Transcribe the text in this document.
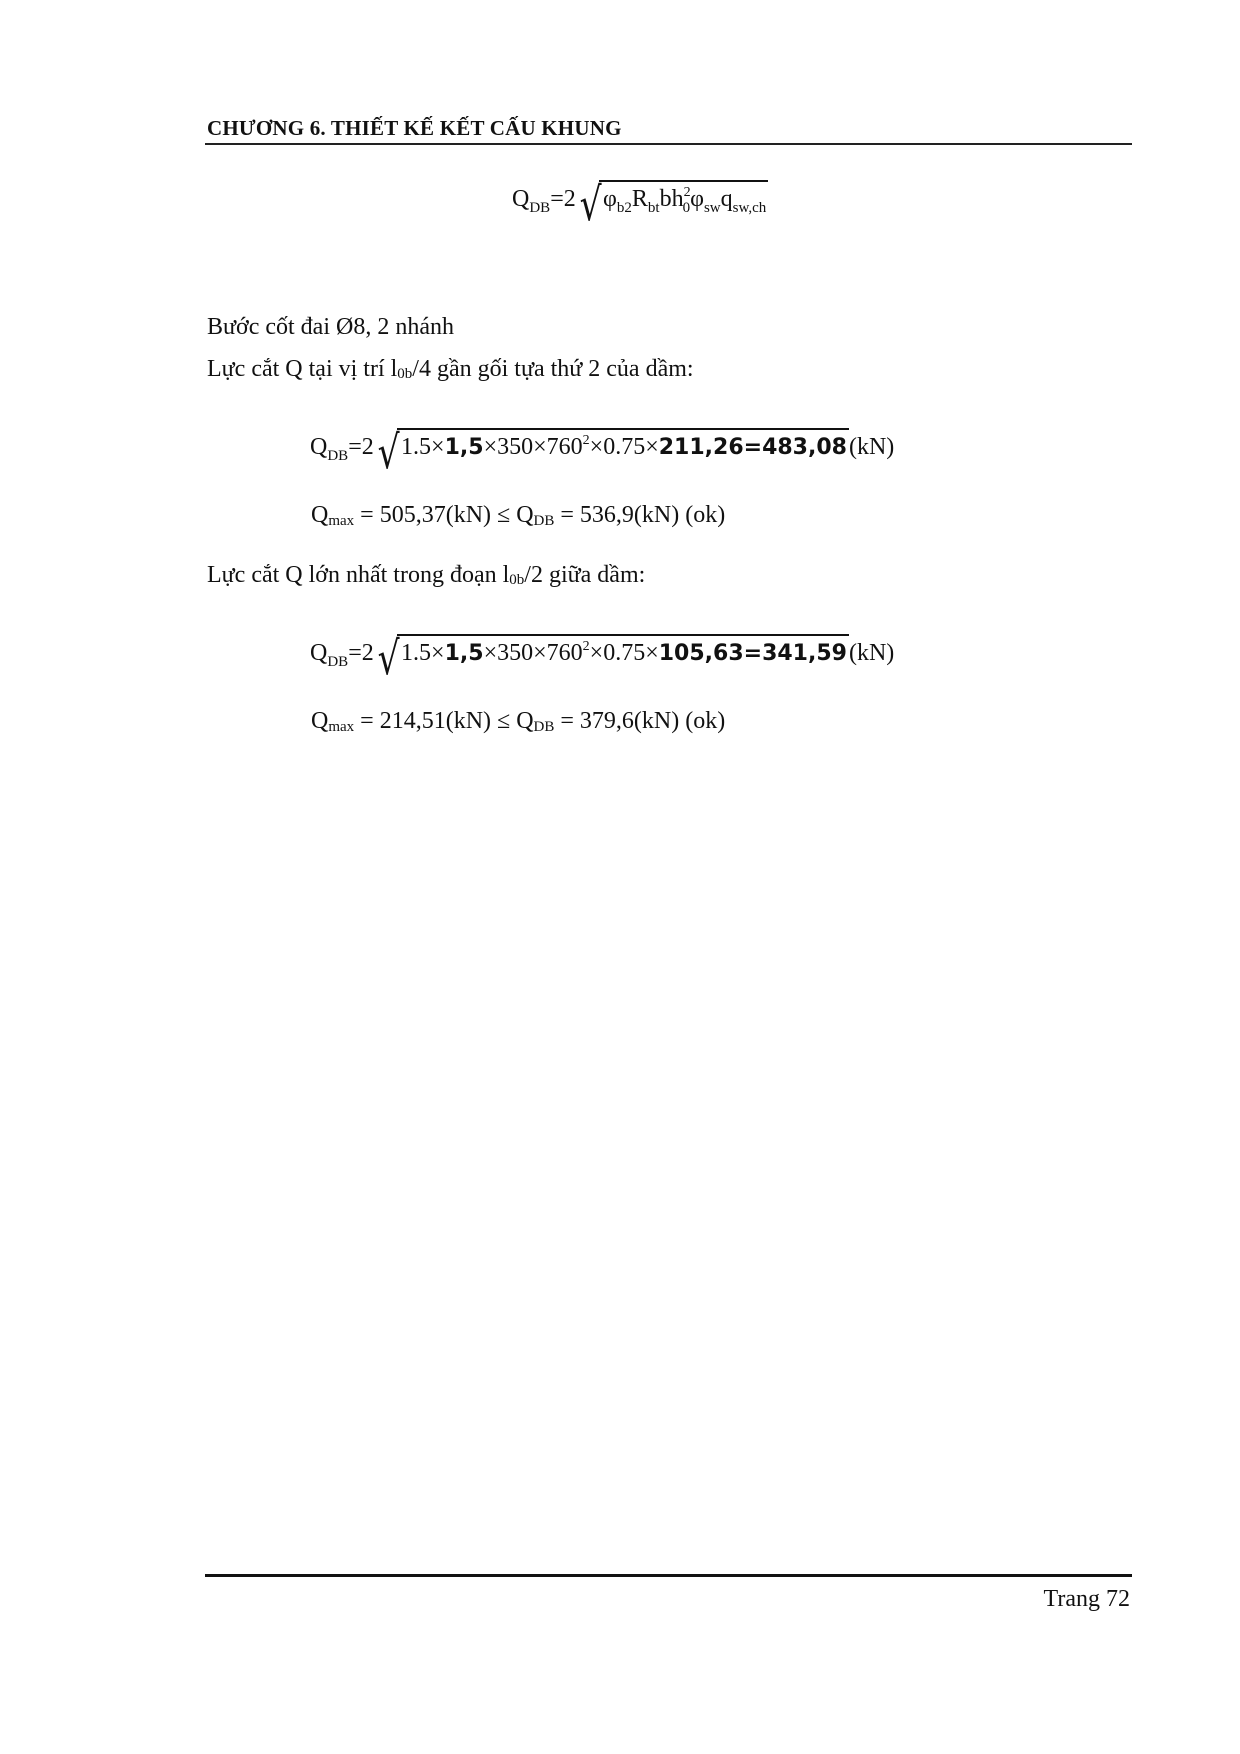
CHƯƠNG 6. THIẾT KẾ KẾT CẤU KHUNG
$Q_{DB}=2√\varphi_{b2}R_{bt}bh^2_0\varphi_{sw}q_{sw,ch}$
Bước cốt đai Ø8, 2 nhánh
Lực cắt Q tại vị trí l0b/4 gần gối tựa thứ 2 của dầm:
$Q_{DB}=2√1.5\times 1,5\times 350\times 760^2\times 0.75\times 211,26=483,08(kN)$
$Q_{max} = 505,37(kN) \le Q_{DB} = 536,9(kN)$ (ok)
Lực cắt Q lớn nhất trong đoạn l0b/2 giữa dầm:
$Q_{DB}=2√1.5\times 1,5\times 350\times 760^2\times 0.75\times 105,63=341,59(kN)$
$Q_{max} = 214,51(kN) \le Q_{DB} = 379,6(kN)$ (ok)
Trang 72
